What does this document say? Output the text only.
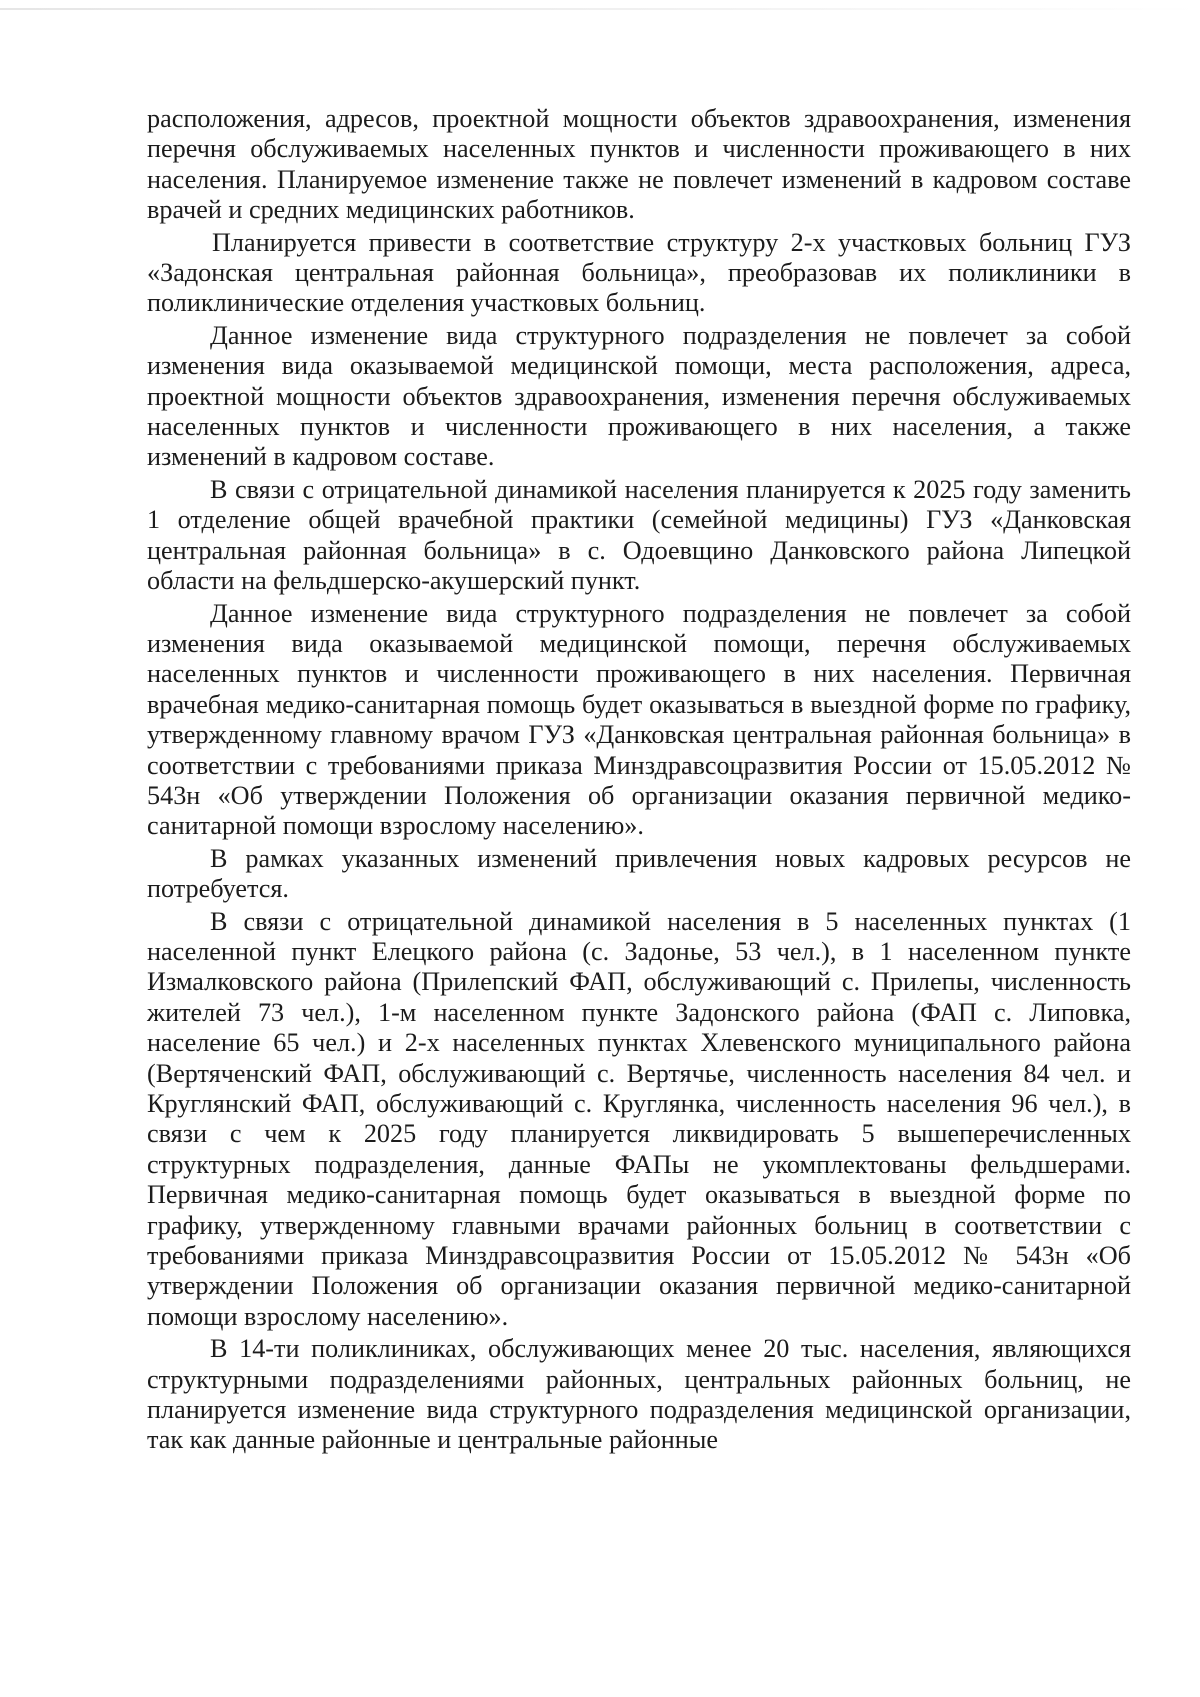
расположения, адресов, проектной мощности объектов здравоохранения, изменения перечня обслуживаемых населенных пунктов и численности проживающего в них населения. Планируемое изменение также не повлечет изменений в кадровом составе врачей и средних медицинских работников.

Планируется привести в соответствие структуру 2-х участковых больниц ГУЗ «Задонская центральная районная больница», преобразовав их поликлиники в поликлинические отделения участковых больниц.

Данное изменение вида структурного подразделения не повлечет за собой изменения вида оказываемой медицинской помощи, места расположения, адреса, проектной мощности объектов здравоохранения, изменения перечня обслуживаемых населенных пунктов и численности проживающего в них населения, а также изменений в кадровом составе.

В связи с отрицательной динамикой населения планируется к 2025 году заменить 1 отделение общей врачебной практики (семейной медицины) ГУЗ «Данковская центральная районная больница» в с. Одоевщино Данковского района Липецкой области на фельдшерско-акушерский пункт.

Данное изменение вида структурного подразделения не повлечет за собой изменения вида оказываемой медицинской помощи, перечня обслуживаемых населенных пунктов и численности проживающего в них населения. Первичная врачебная медико-санитарная помощь будет оказываться в выездной форме по графику, утвержденному главному врачом ГУЗ «Данковская центральная районная больница» в соответствии с требованиями приказа Минздравсоцразвития России от 15.05.2012 № 543н «Об утверждении Положения об организации оказания первичной медико-санитарной помощи взрослому населению».

В рамках указанных изменений привлечения новых кадровых ресурсов не потребуется.

В связи с отрицательной динамикой населения в 5 населенных пунктах (1 населенной пункт Елецкого района (с. Задонье, 53 чел.), в 1 населенном пункте Измалковского района (Прилепский ФАП, обслуживающий с. Прилепы, численность жителей 73 чел.), 1-м населенном пункте Задонского района (ФАП с. Липовка, население 65 чел.) и 2-х населенных пунктах Хлевенского муниципального района (Вертяченский ФАП, обслуживающий с. Вертячье, численность населения 84 чел. и Круглянский ФАП, обслуживающий с. Круглянка, численность населения 96 чел.), в связи с чем к 2025 году планируется ликвидировать 5 вышеперечисленных структурных подразделения, данные ФАПы не укомплектованы фельдшерами. Первичная медико-санитарная помощь будет оказываться в выездной форме по графику, утвержденному главными врачами районных больниц в соответствии с требованиями приказа Минздравсоцразвития России от 15.05.2012 № 543н «Об утверждении Положения об организации оказания первичной медико-санитарной помощи взрослому населению».

В 14-ти поликлиниках, обслуживающих менее 20 тыс. населения, являющихся структурными подразделениями районных, центральных районных больниц, не планируется изменение вида структурного подразделения медицинской организации, так как данные районные и центральные районные
